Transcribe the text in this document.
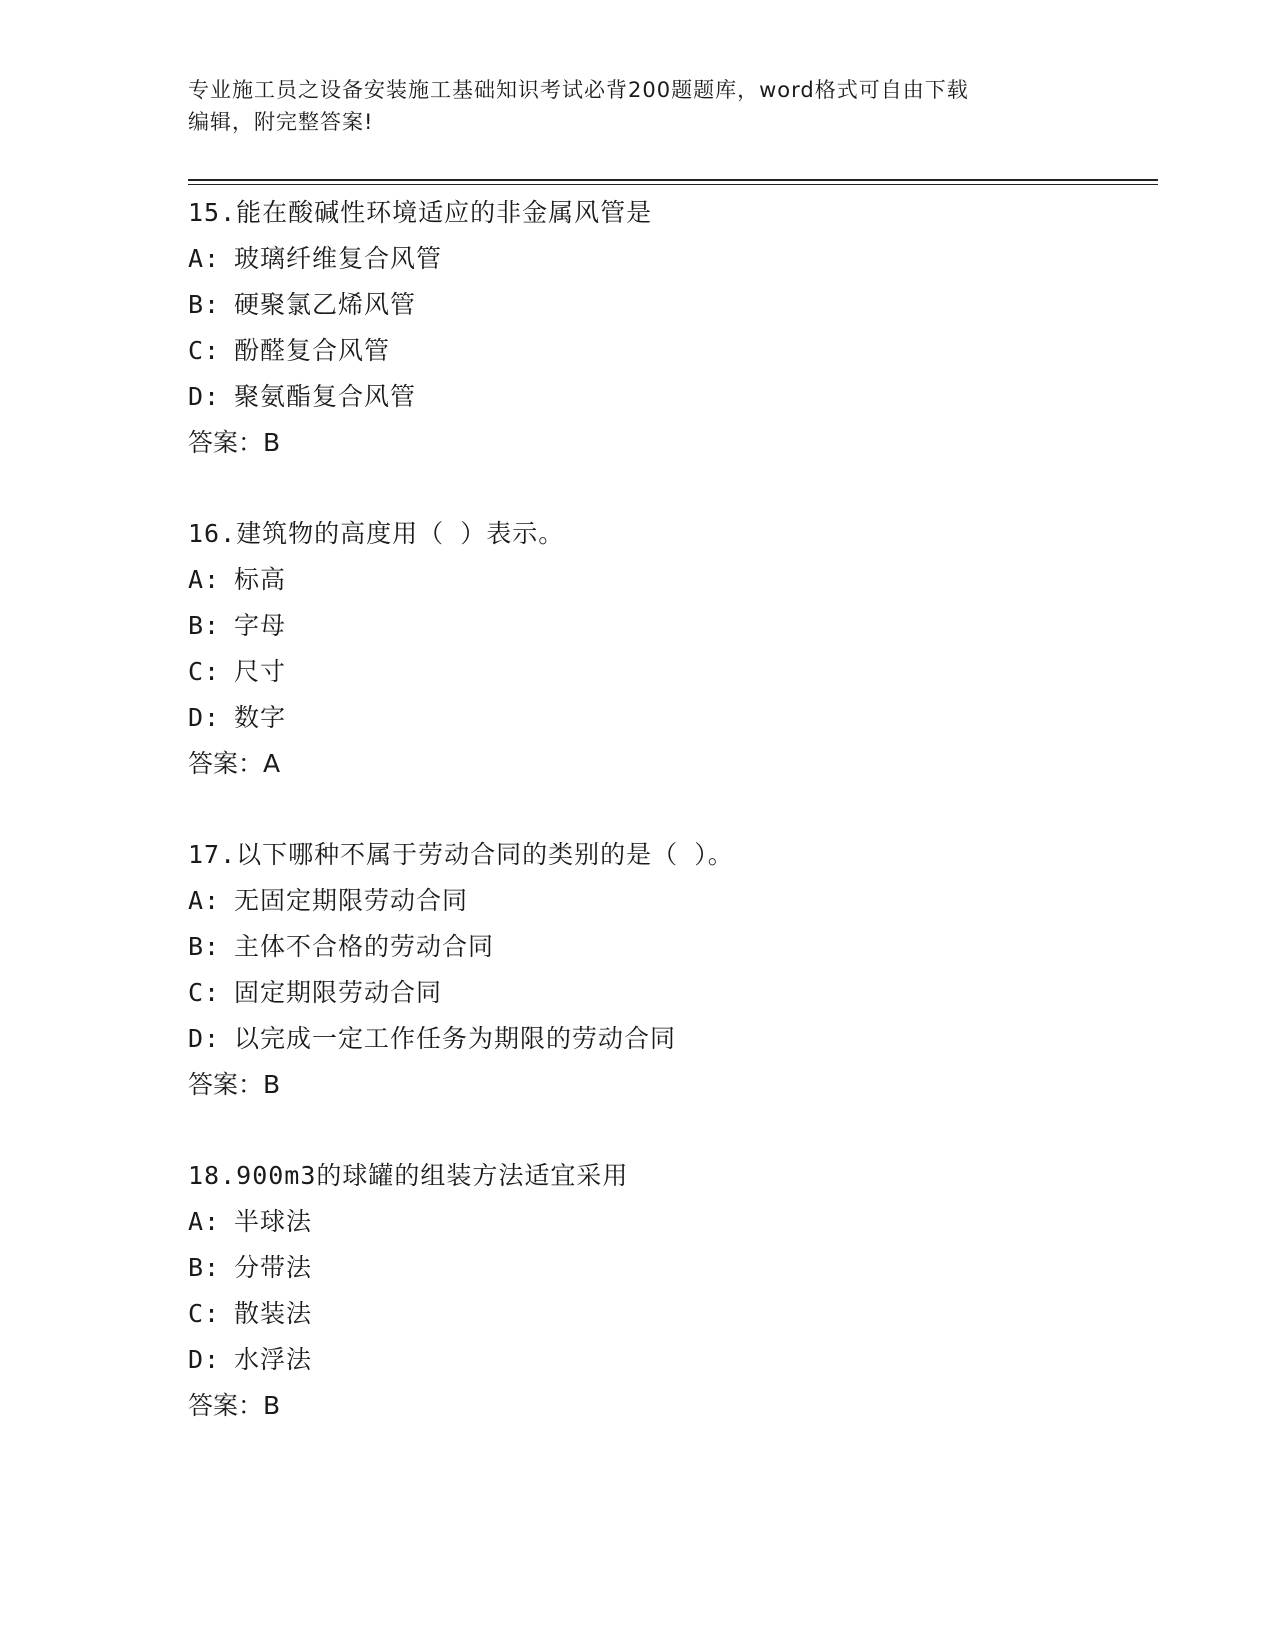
专业施工员之设备安装施工基础知识考试必背200题题库，word格式可自由下载
编辑，附完整答案!
15.能在酸碱性环境适应的非金属风管是
A: 玻璃纤维复合风管
B: 硬聚氯乙烯风管
C: 酚醛复合风管
D: 聚氨酯复合风管
答案：B
16.建筑物的高度用（ ）表示。
A: 标高
B: 字母
C: 尺寸
D: 数字
答案：A
17.以下哪种不属于劳动合同的类别的是（ ）。
A: 无固定期限劳动合同
B: 主体不合格的劳动合同
C: 固定期限劳动合同
D: 以完成一定工作任务为期限的劳动合同
答案：B
18.900m3的球罐的组装方法适宜采用
A: 半球法
B: 分带法
C: 散装法
D: 水浮法
答案：B
